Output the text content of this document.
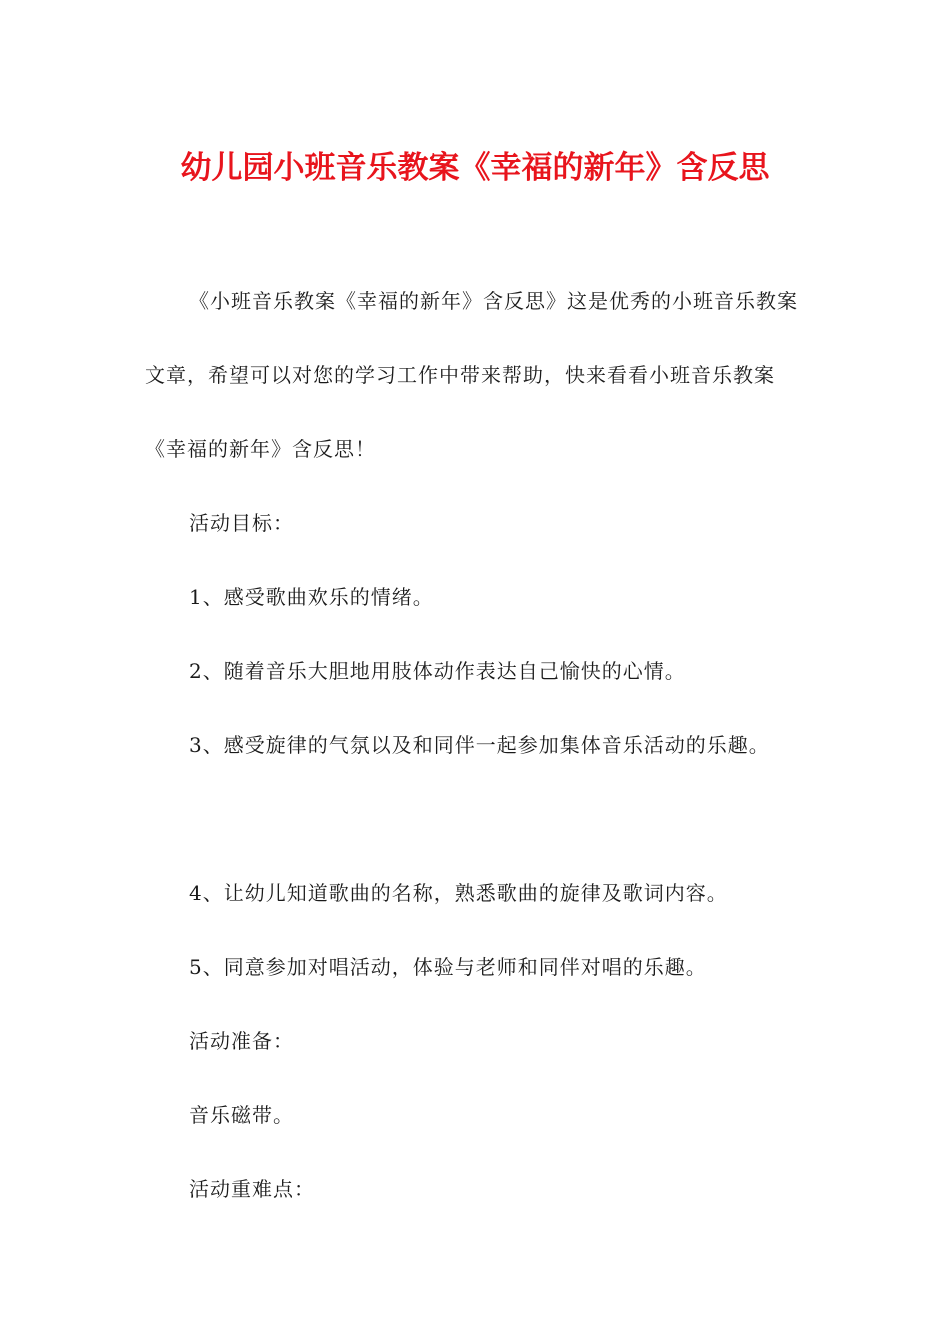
幼儿园小班音乐教案《幸福的新年》含反思

《小班音乐教案《幸福的新年》含反思》这是优秀的小班音乐教案文章，希望可以对您的学习工作中带来帮助，快来看看小班音乐教案《幸福的新年》含反思！

活动目标：

1、感受歌曲欢乐的情绪。

2、随着音乐大胆地用肢体动作表达自己愉快的心情。

3、感受旋律的气氛以及和同伴一起参加集体音乐活动的乐趣。

4、让幼儿知道歌曲的名称，熟悉歌曲的旋律及歌词内容。

5、同意参加对唱活动，体验与老师和同伴对唱的乐趣。

活动准备：

音乐磁带。

活动重难点：
